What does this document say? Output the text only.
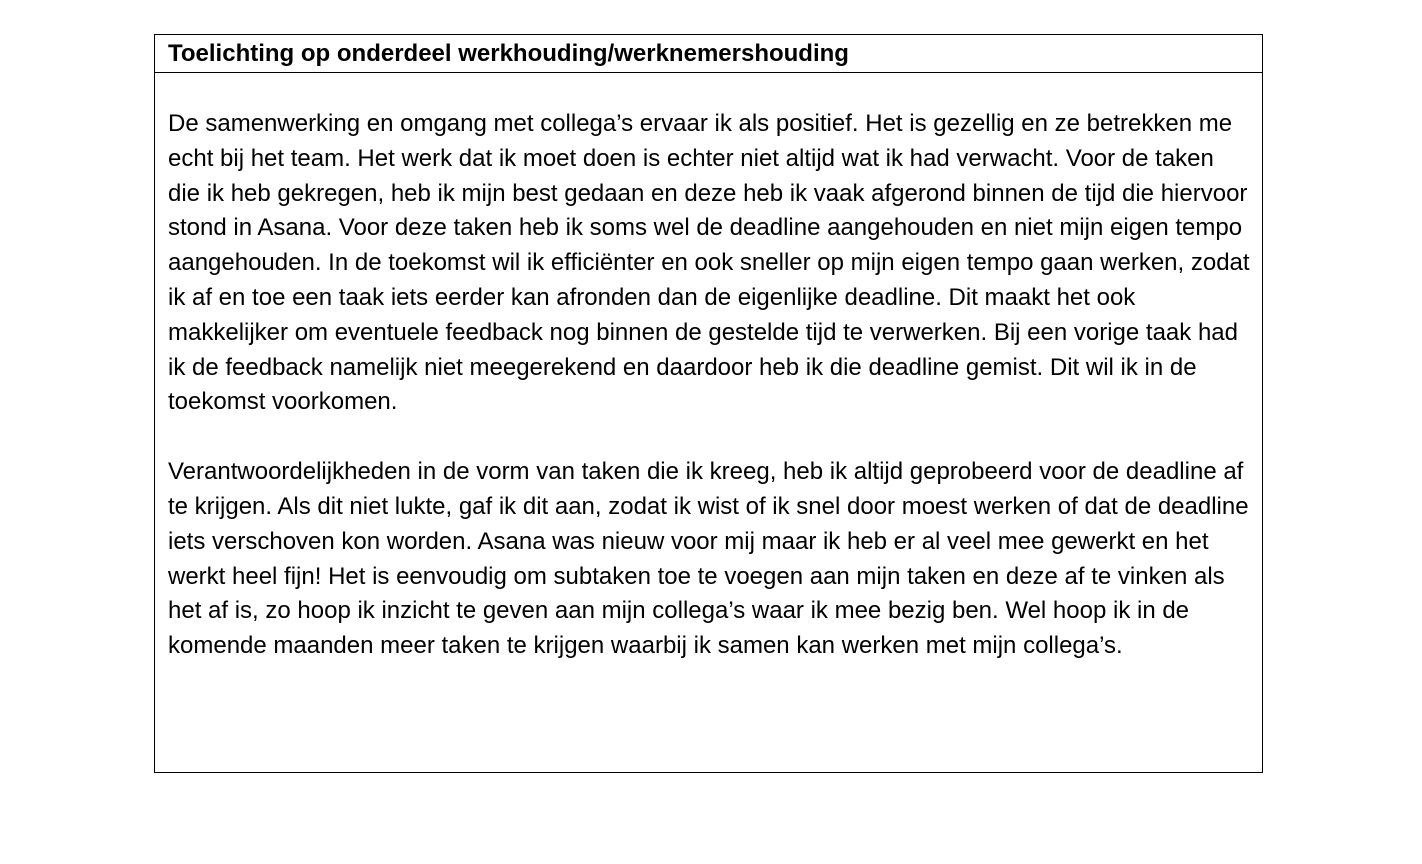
Toelichting op onderdeel werkhouding/werknemershouding

De samenwerking en omgang met collega’s ervaar ik als positief. Het is gezellig en ze betrekken me echt bij het team. Het werk dat ik moet doen is echter niet altijd wat ik had verwacht. Voor de taken die ik heb gekregen, heb ik mijn best gedaan en deze heb ik vaak afgerond binnen de tijd die hiervoor stond in Asana. Voor deze taken heb ik soms wel de deadline aangehouden en niet mijn eigen tempo aangehouden. In de toekomst wil ik efficiënter en ook sneller op mijn eigen tempo gaan werken, zodat ik af en toe een taak iets eerder kan afronden dan de eigenlijke deadline. Dit maakt het ook makkelijker om eventuele feedback nog binnen de gestelde tijd te verwerken. Bij een vorige taak had ik de feedback namelijk niet meegerekend en daardoor heb ik die deadline gemist. Dit wil ik in de toekomst voorkomen.

Verantwoordelijkheden in de vorm van taken die ik kreeg, heb ik altijd geprobeerd voor de deadline af te krijgen. Als dit niet lukte, gaf ik dit aan, zodat ik wist of ik snel door moest werken of dat de deadline iets verschoven kon worden. Asana was nieuw voor mij maar ik heb er al veel mee gewerkt en het werkt heel fijn! Het is eenvoudig om subtaken toe te voegen aan mijn taken en deze af te vinken als het af is, zo hoop ik inzicht te geven aan mijn collega’s waar ik mee bezig ben. Wel hoop ik in de komende maanden meer taken te krijgen waarbij ik samen kan werken met mijn collega’s.
